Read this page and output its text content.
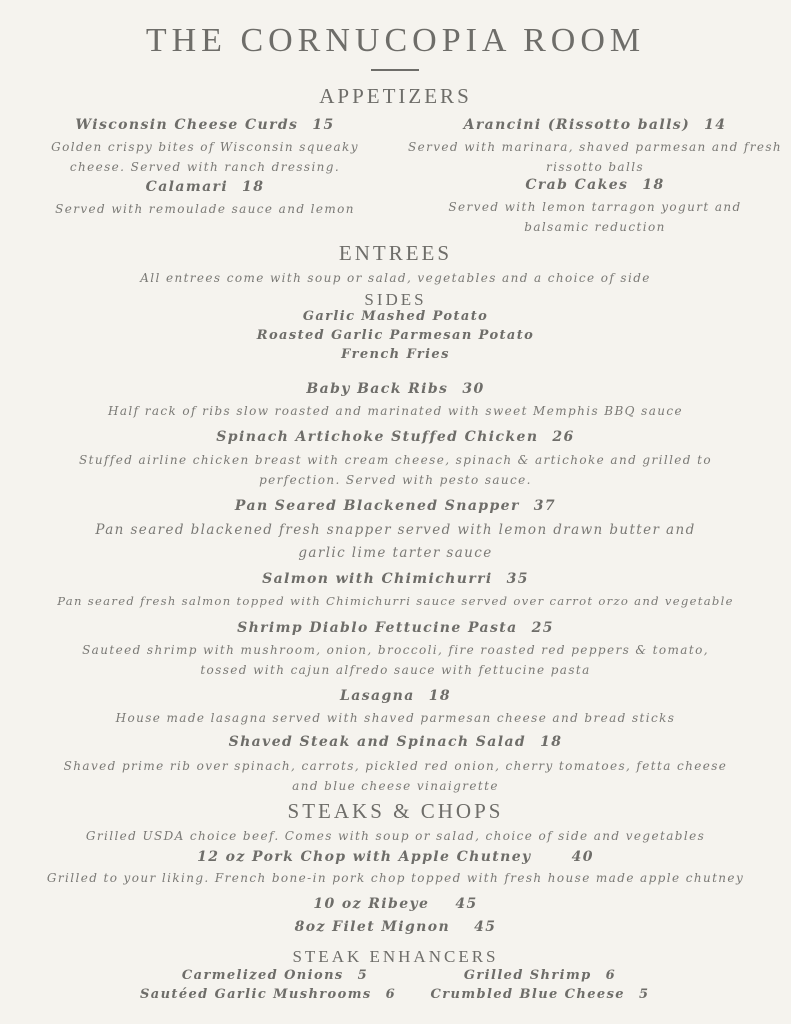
THE CORNUCOPIA ROOM
APPETIZERS
Wisconsin Cheese Curds 15
Golden crispy bites of Wisconsin squeaky
cheese. Served with ranch dressing.
Calamari 18
Served with remoulade sauce and lemon
Arancini (Rissotto balls) 14
Served with marinara, shaved parmesan and fresh
rissotto balls
Crab Cakes 18
Served with lemon tarragon yogurt and
balsamic reduction
ENTREES
All entrees come with soup or salad, vegetables and a choice of side
SIDES
Garlic Mashed Potato
Roasted Garlic Parmesan Potato
French Fries
Baby Back Ribs 30
Half rack of ribs slow roasted and marinated with sweet Memphis BBQ sauce
Spinach Artichoke Stuffed Chicken 26
Stuffed airline chicken breast with cream cheese, spinach & artichoke and grilled to
perfection. Served with pesto sauce.
Pan Seared Blackened Snapper 37
Pan seared blackened fresh snapper served with lemon drawn butter and
garlic lime tarter sauce
Salmon with Chimichurri 35
Pan seared fresh salmon topped with Chimichurri sauce served over carrot orzo and vegetable
Shrimp Diablo Fettucine Pasta 25
Sauteed shrimp with mushroom, onion, broccoli, fire roasted red peppers & tomato,
tossed with cajun alfredo sauce with fettucine pasta
Lasagna 18
House made lasagna served with shaved parmesan cheese and bread sticks
Shaved Steak and Spinach Salad 18
Shaved prime rib over spinach, carrots, pickled red onion, cherry tomatoes, fetta cheese
and blue cheese vinaigrette
STEAKS & CHOPS
Grilled USDA choice beef. Comes with soup or salad, choice of side and vegetables
12 oz Pork Chop with Apple Chutney	40
Grilled to your liking. French bone-in pork chop topped with fresh house made apple chutney
10 oz Ribeye 45
8oz Filet Mignon 45
STEAK ENHANCERS
Carmelized Onions 5	Grilled Shrimp 6
Sautéed Garlic Mushrooms 6	Crumbled Blue Cheese 5
